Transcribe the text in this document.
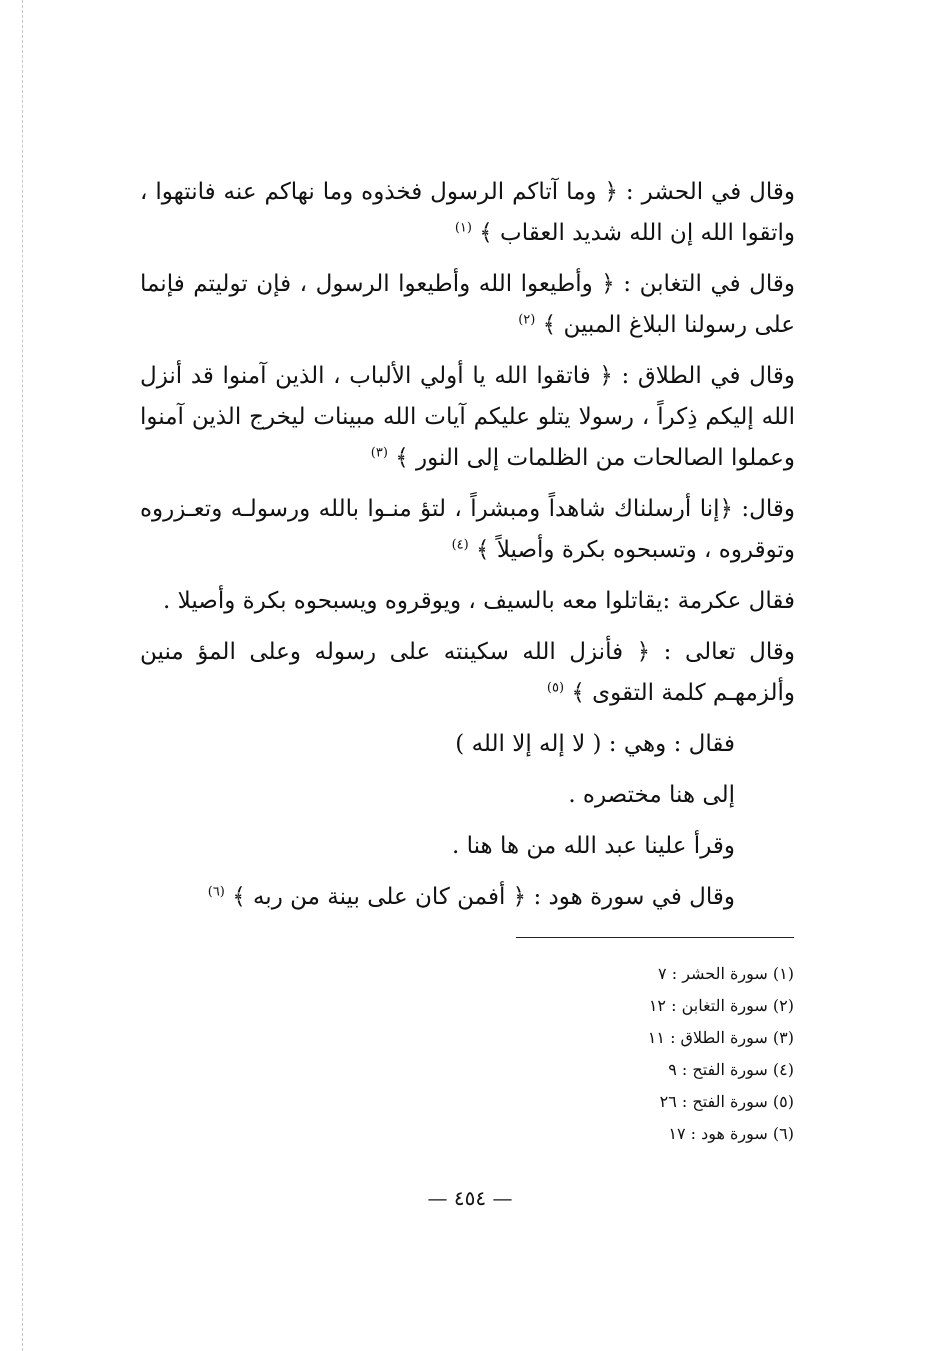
وقال في الحشر : ﴿ وما آتاكم الرسول فخذوه وما نهاكم عنه فانتهوا ، واتقوا الله إن الله شديد العقاب ﴾ $^{(١)}$

وقال في التغابن : ﴿ وأطيعوا الله وأطيعوا الرسول ، فإن توليتم فإنما على رسولنا البلاغ المبين ﴾ $^{(٢)}$

وقال في الطلاق : ﴿ فاتقوا الله يا أولي الألباب ، الذين آمنوا قد أنزل الله إليكم ذِكراً ، رسولا يتلو عليكم آيات الله مبينات ليخرج الذين آمنوا وعملوا الصالحات من الظلمات إلى النور ﴾ $^{(٣)}$

وقال: ﴿إنا أرسلناك شاهداً ومبشراً ، لتؤ منـوا بالله ورسولـه وتعـزروه وتوقروه ، وتسبحوه بكرة وأصيلاً ﴾ $^{(٤)}$

فقال عكرمة :يقاتلوا معه بالسيف ، ويوقروه ويسبحوه بكرة وأصيلا .

وقال تعالى : ﴿ فأنزل الله سكينته على رسوله وعلى المؤ منين وألزمهـم كلمة التقوى ﴾ $^{(٥)}$

فقال : وهي : ( لا إله إلا الله )

إلى هنا مختصره .

وقرأ علينا عبد الله من ها هنا .

وقال في سورة هود : ﴿ أفمن كان على بينة من ربه ﴾ $^{(٦)}$

(١) سورة الحشر : ٧

(٢) سورة التغابن : ١٢

(٣) سورة الطلاق : ١١

(٤) سورة الفتح : ٩

(٥) سورة الفتح : ٢٦

(٦) سورة هود : ١٧

— ٤٥٤ —
